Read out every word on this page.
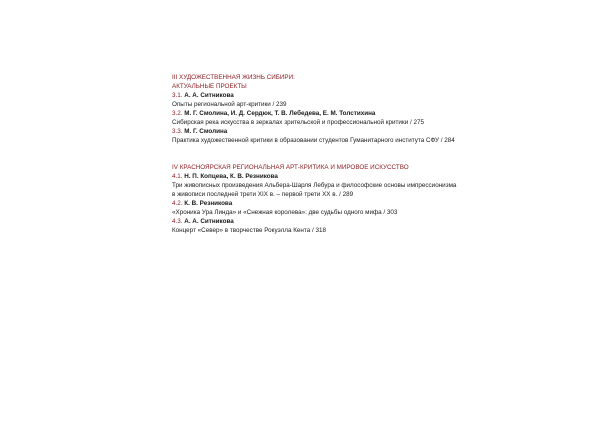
III ХУДОЖЕСТВЕННАЯ ЖИЗНЬ СИБИРИ:
АКТУАЛЬНЫЕ ПРОЕКТЫ
3.1. А. А. Ситникова
Опыты региональной арт-критики / 239
3.2. М. Г. Смолина, И. Д. Сердюк, Т. В. Лебедева, Е. М. Толстихина
Сибирская река искусства в зеркалах зрительской и профессиональной критики / 275
3.3. М. Г. Смолина
Практика художественной критики в образовании студентов Гуманитарного института СФУ / 284
IV КРАСНОЯРСКАЯ РЕГИОНАЛЬНАЯ АРТ-КРИТИКА И МИРОВОЕ ИСКУССТВО
4.1. Н. П. Копцева, К. В. Резникова
Три живописных произведения Альбера-Шарля Лебура и философские основы импрессионизма
в живописи последней трети XIX в. – первой трети XX в. / 289
4.2. К. В. Резникова
«Хроника Ура Линда» и «Снежная королева»: две судьбы одного мифа / 303
4.3. А. А. Ситникова
Концерт «Север» в творчестве Рокуэлла Кента / 318
